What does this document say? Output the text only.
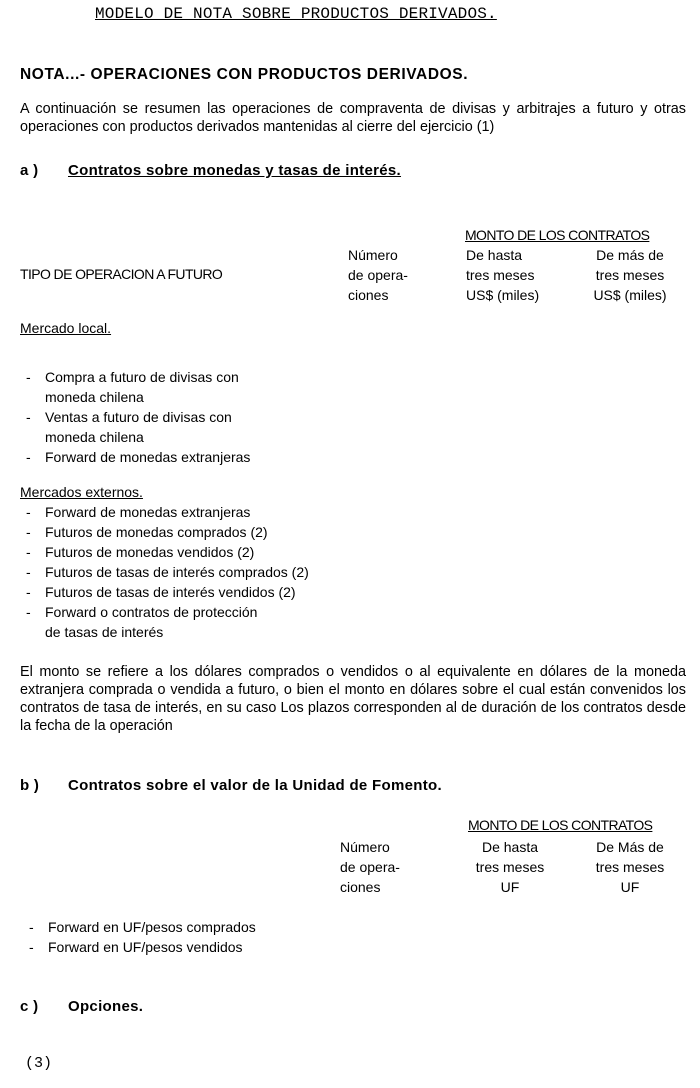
MODELO DE NOTA SOBRE PRODUCTOS DERIVADOS.
NOTA...- OPERACIONES CON PRODUCTOS DERIVADOS.
A continuación se resumen las operaciones de compraventa de divisas y arbitrajes a futuro y otras operaciones con productos derivados mantenidas al cierre del ejercicio (1)
a ) Contratos sobre monedas y tasas de interés.
MONTO DE LOS CONTRATOS
TIPO DE OPERACION A FUTURO
Número
de opera-
ciones
De hasta
tres meses
US$ (miles)
De más de
tres meses
US$ (miles)
Mercado local.
- Compra a futuro de divisas con
moneda chilena
- Ventas a futuro de divisas con
moneda chilena
- Forward de monedas extranjeras
Mercados externos.
- Forward de monedas extranjeras
- Futuros de monedas comprados (2)
- Futuros de monedas vendidos (2)
- Futuros de tasas de interés comprados (2)
- Futuros de tasas de interés vendidos (2)
- Forward o contratos de protección
de tasas de interés
El monto se refiere a los dólares comprados o vendidos o al equivalente en dólares de la moneda extranjera comprada o vendida a futuro, o bien el monto en dólares sobre el cual están convenidos los contratos de tasa de interés, en su caso Los plazos corresponden al de duración de los contratos desde la fecha de la operación
b ) Contratos sobre el valor de la Unidad de Fomento.
MONTO DE LOS CONTRATOS
Número
de opera-
ciones
De hasta
tres meses
UF
De Más de
tres meses
UF
- Forward en UF/pesos comprados
- Forward en UF/pesos vendidos
c ) Opciones.
(3)
